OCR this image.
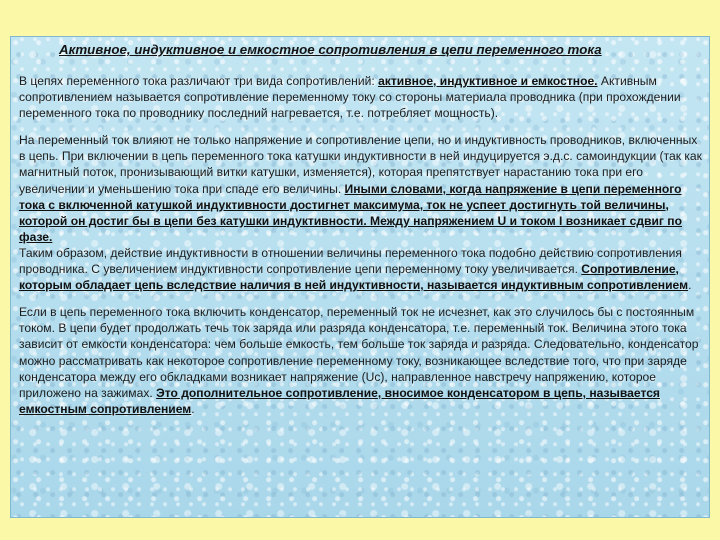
Активное, индуктивное и емкостное сопротивления в цепи переменного тока

В цепях переменного тока различают три вида сопротивлений: активное, индуктивное и емкостное. Активным сопротивлением называется сопротивление переменному току со стороны материала проводника (при прохождении переменного тока по проводнику последний нагревается, т.е. потребляет мощность).

На переменный ток влияют не только напряжение и сопротивление цепи, но и индуктивность проводников, включенных в цепь. При включении в цепь переменного тока катушки индуктивности в ней индуцируется э.д.с. самоиндукции (так как магнитный поток, пронизывающий витки катушки, изменяется), которая препятствует нарастанию тока при его увеличении и уменьшению тока при спаде его величины. Иными словами, когда напряжение в цепи переменного тока с включенной катушкой индуктивности достигнет максимума, ток не успеет достигнуть той величины, которой он достиг бы в цепи без катушки индуктивности. Между напряжением U и током I возникает сдвиг по фазе.

Таким образом, действие индуктивности в отношении величины переменного тока подобно действию сопротивления проводника. С увеличением индуктивности сопротивление цепи переменному току увеличивается. Сопротивление, которым обладает цепь вследствие наличия в ней индуктивности, называется индуктивным сопротивлением.

Если в цепь переменного тока включить конденсатор, переменный ток не исчезнет, как это случилось бы с постоянным током. В цепи будет продолжать течь ток заряда или разряда конденсатора, т.е. переменный ток. Величина этого тока зависит от емкости конденсатора: чем больше емкость, тем больше ток заряда и разряда. Следовательно, конденсатор можно рассматривать как некоторое сопротивление переменному току, возникающее вследствие того, что при заряде конденсатора между его обкладками возникает напряжение (Uc), направленное навстречу напряжению, которое приложено на зажимах. Это дополнительное сопротивление, вносимое конденсатором в цепь, называется емкостным сопротивлением.
